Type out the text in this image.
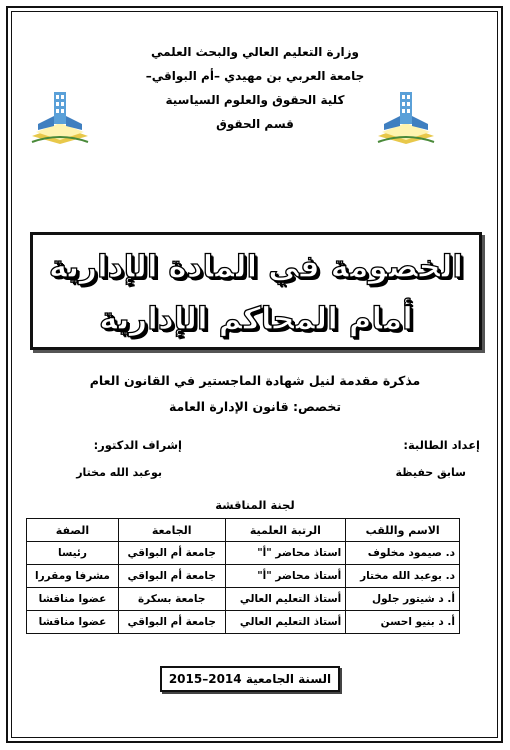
وزارة التعليم العالي والبحث العلمي
جامعة العربي بن مهيدي –أم البواقي–
كلية الحقوق والعلوم السياسية
قسم الحقوق
الخصومة في المادة الإدارية
أمام المحاكم الإدارية
مذكرة مقدمة لنيل شهادة الماجستير في القانون العام
تخصص: قانون الإدارة العامة
إعداد الطالبة:
سابق حفيظة
إشراف الدكتور:
بوعبد الله مختار
لجنة المناقشة
الاسم واللقب	الرتبة العلمية	الجامعة	الصفة
د. صيمود مخلوف	استاذ محاضر "أ"	جامعة أم البواقي	رئيسا
د. بوعبد الله مختار	أستاذ محاضر "أ"	جامعة أم البواقي	مشرفا ومقررا
أ. د شيتور جلول	أستاذ التعليم العالي	جامعة بسكرة	عضوا مناقشا
أ. د بنيو احسن	أستاذ التعليم العالي	جامعة أم البواقي	عضوا مناقشا
السنة الجامعية 2014–2015
